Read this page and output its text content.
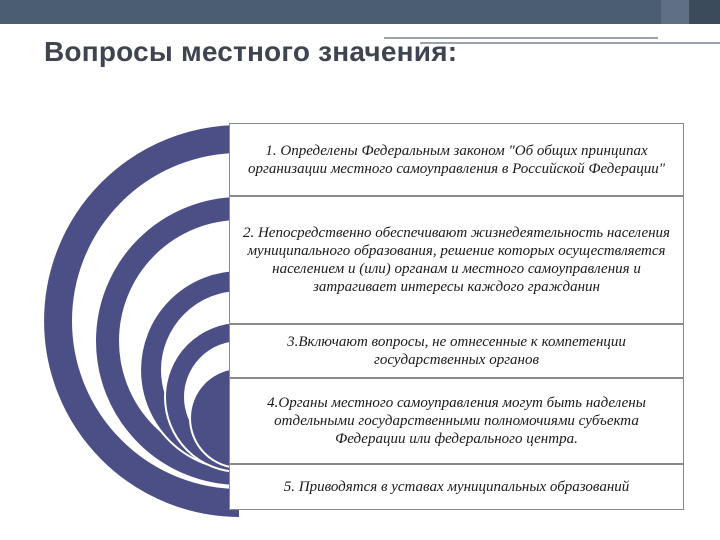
Вопросы местного значения:
1. Определены Федеральным законом "Об общих принципах организации местного самоуправления в Российской Федерации"
2. Непосредственно обеспечивают жизнедеятельность населения муниципального образования, решение которых осуществляется населением и (или) органам и местного самоуправления и затрагивает интересы каждого гражданин
3.Включают вопросы, не отнесенные к компетенции государственных органов
4.Органы местного самоуправления могут быть наделены отдельными государственными полномочиями субъекта Федерации или федерального центра.
5. Приводятся в уставах муниципальных образований
